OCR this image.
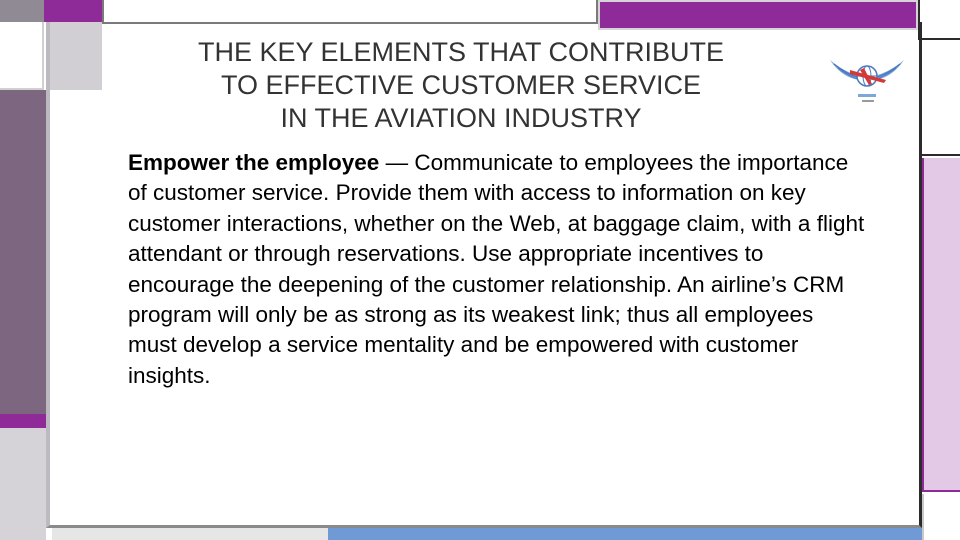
THE KEY ELEMENTS THAT CONTRIBUTE
TO EFFECTIVE CUSTOMER SERVICE
IN THE AVIATION INDUSTRY

Empower the employee — Communicate to employees the importance of customer service. Provide them with access to information on key customer interactions, whether on the Web, at baggage claim, with a flight attendant or through reservations. Use appropriate incentives to encourage the deepening of the customer relationship. An airline’s CRM program will only be as strong as its weakest link; thus all employees must develop a service mentality and be empowered with customer insights.
